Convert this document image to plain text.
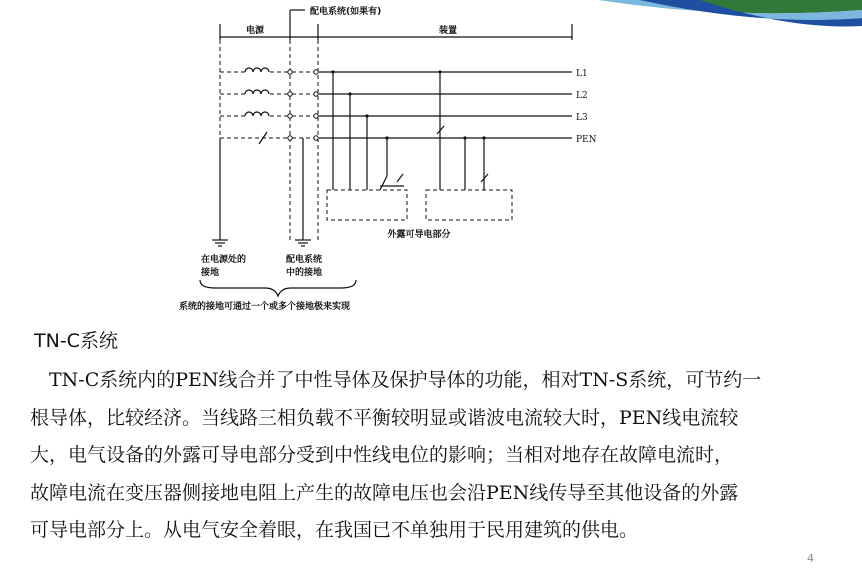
电源
配电系统(如果有)
装置
L1
L2
L3
PEN
外露可导电部分
在电源处的
接地
配电系统
中的接地
系统的接地可通过一个或多个接地极来实现
TN-C系统
　TN-C系统内的PEN线合并了中性导体及保护导体的功能，相对TN-S系统，可节约一
根导体，比较经济。当线路三相负载不平衡较明显或谐波电流较大时，PEN线电流较
大，电气设备的外露可导电部分受到中性线电位的影响；当相对地存在故障电流时，
故障电流在变压器侧接地电阻上产生的故障电压也会沿PEN线传导至其他设备的外露
可导电部分上。从电气安全着眼，在我国已不单独用于民用建筑的供电。
4
